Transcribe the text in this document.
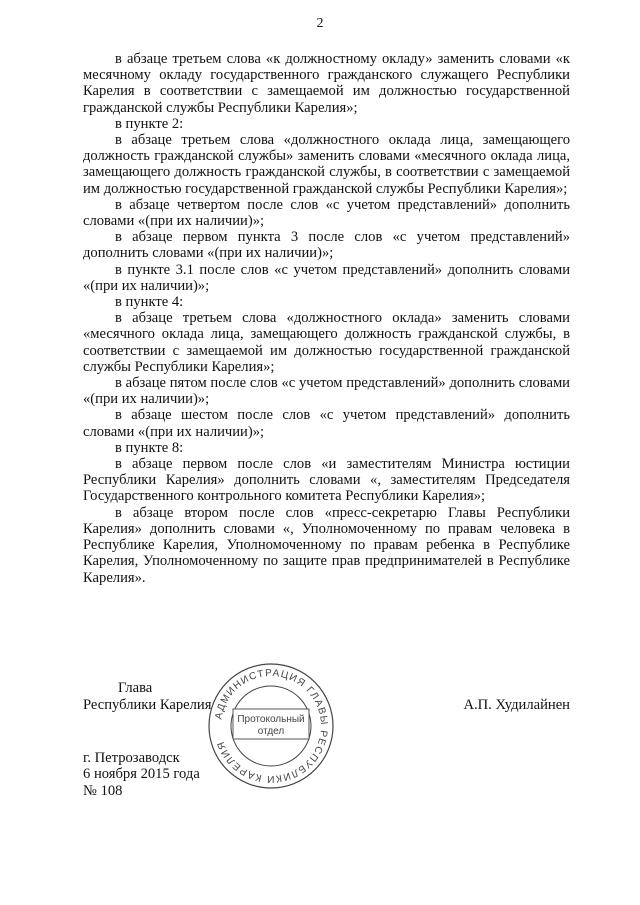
2

в абзаце третьем слова «к должностному окладу» заменить словами «к месячному окладу государственного гражданского служащего Республики Карелия в соответствии с замещаемой им должностью государственной гражданской службы Республики Карелия»;

в пункте 2:

в абзаце третьем слова «должностного оклада лица, замещающего должность гражданской службы» заменить словами «месячного оклада лица, замещающего должность гражданской службы, в соответствии с замещаемой им должностью государственной гражданской службы Республики Карелия»;

в абзаце четвертом после слов «с учетом представлений» дополнить словами «(при их наличии)»;

в абзаце первом пункта 3 после слов «с учетом представлений» дополнить словами «(при их наличии)»;

в пункте 3.1 после слов «с учетом представлений» дополнить словами «(при их наличии)»;

в пункте 4:

в абзаце третьем слова «должностного оклада» заменить словами «месячного оклада лица, замещающего должность гражданской службы, в соответствии с замещаемой им должностью государственной гражданской службы Республики Карелия»;

в абзаце пятом после слов «с учетом представлений» дополнить словами «(при их наличии)»;

в абзаце шестом после слов «с учетом представлений» дополнить словами «(при их наличии)»;

в пункте 8:

в абзаце первом после слов «и заместителям Министра юстиции Республики Карелия» дополнить словами «, заместителям Председателя Государственного контрольного комитета Республики Карелия»;

в абзаце втором после слов «пресс-секретарю Главы Республики Карелия» дополнить словами «, Уполномоченному по правам человека в Республике Карелия, Уполномоченному по правам ребенка в Республике Карелия, Уполномоченному по защите прав предпринимателей в Республике Карелия».

Глава
Республики Карелия	А.П. Худилайнен
АДМИНИСТРАЦИЯ ГЛАВЫ РЕСПУБЛИКИ КАРЕЛИЯ
Протокольный
отдел
г. Петрозаводск
6 ноября 2015 года
№ 108
